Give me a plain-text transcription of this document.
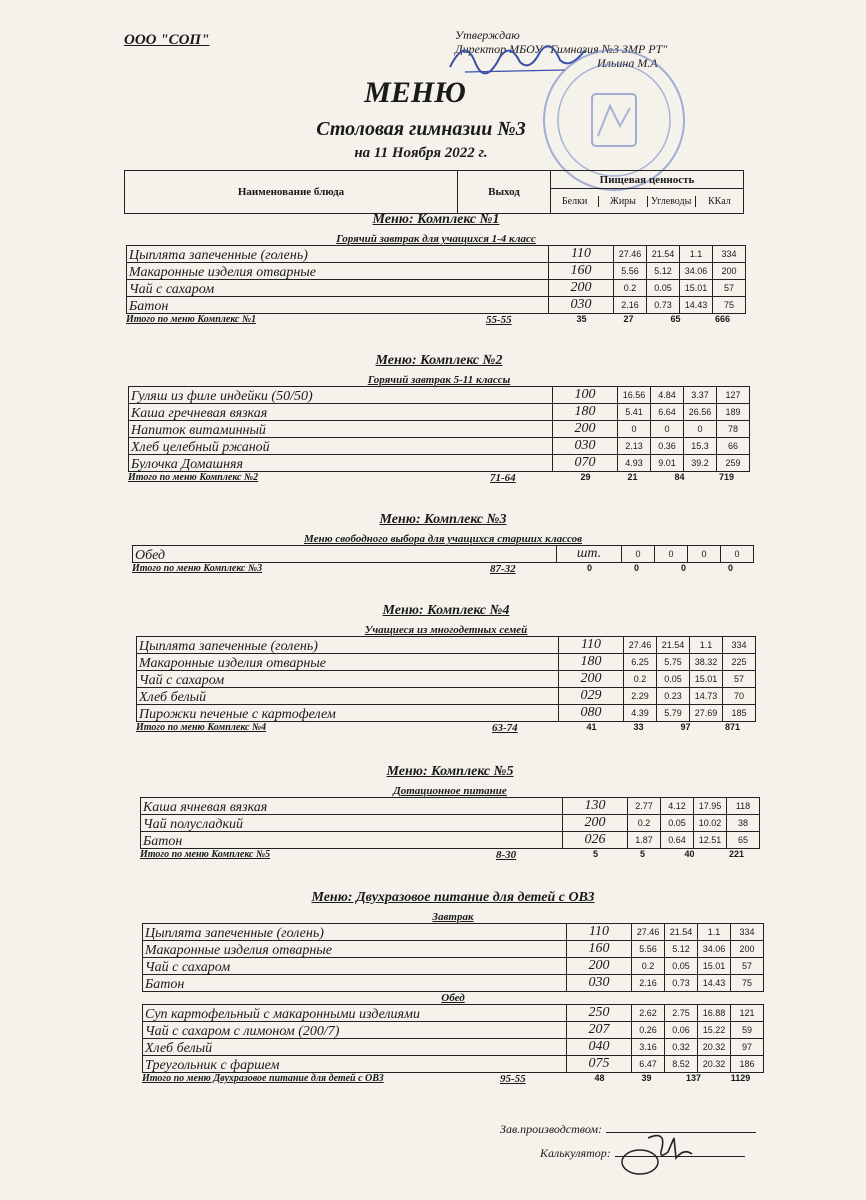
ООО "СОП"	Утверждаю
Директор МБОУ "Гимназия №3 ЗМР РТ"
Ильина М.А
МЕНЮ
Столовая гимназии №3
на 11 Ноября 2022 г.
Наименование блюда	Выход	Пищевая ценность

Белки	Жиры	Углеводы	ККал
Меню: Комплекс №1
Горячий завтрак для учащихся 1-4 класс
Цыплята запеченные (голень)	110	27.46	21.54	1.1	334
Макаронные изделия отварные	160	5.56	5.12	34.06	200
Чай с сахаром	200	0.2	0.05	15.01	57
Батон	030	2.16	0.73	14.43	75
Итого по меню Комплекс №1	55-55	35	27	65	666
Меню: Комплекс №2
Горячий завтрак 5-11 классы
Гуляш из филе индейки (50/50)	100	16.56	4.84	3.37	127
Каша гречневая вязкая	180	5.41	6.64	26.56	189
Напиток витаминный	200	0	0	0	78
Хлеб целебный ржаной	030	2.13	0.36	15.3	66
Булочка Домашняя	070	4.93	9.01	39.2	259
Итого по меню Комплекс №2	71-64	29	21	84	719
Меню: Комплекс №3
Меню свободного выбора для учащихся старших классов
Обед	шт.	0	0	0	0
Итого по меню Комплекс №3	87-32	0	0	0	0
Меню: Комплекс №4
Учащиеся из многодетных семей
Цыплята запеченные (голень)	110	27.46	21.54	1.1	334
Макаронные изделия отварные	180	6.25	5.75	38.32	225
Чай с сахаром	200	0.2	0.05	15.01	57
Хлеб белый	029	2.29	0.23	14.73	70
Пирожки печеные с картофелем	080	4.39	5.79	27.69	185
Итого по меню Комплекс №4	63-74	41	33	97	871
Меню: Комплекс №5
Дотационное питание
Каша ячневая вязкая	130	2.77	4.12	17.95	118
Чай полусладкий	200	0.2	0.05	10.02	38
Батон	026	1.87	0.64	12.51	65
Итого по меню Комплекс №5	8-30	5	5	40	221
Меню: Двухразовое питание для детей с ОВЗ
Завтрак
Цыплята запеченные (голень)	110	27.46	21.54	1.1	334
Макаронные изделия отварные	160	5.56	5.12	34.06	200
Чай с сахаром	200	0.2	0.05	15.01	57
Батон	030	2.16	0.73	14.43	75
Обед
Суп картофельный с макаронными изделиями	250	2.62	2.75	16.88	121
Чай с сахаром с лимоном (200/7)	207	0.26	0.06	15.22	59
Хлеб белый	040	3.16	0.32	20.32	97
Треугольник с фаршем	075	6.47	8.52	20.32	186
Итого по меню Двухразовое питание для детей с ОВЗ	95-55	48	39	137	1129
Зав.производством:
Калькулятор:
